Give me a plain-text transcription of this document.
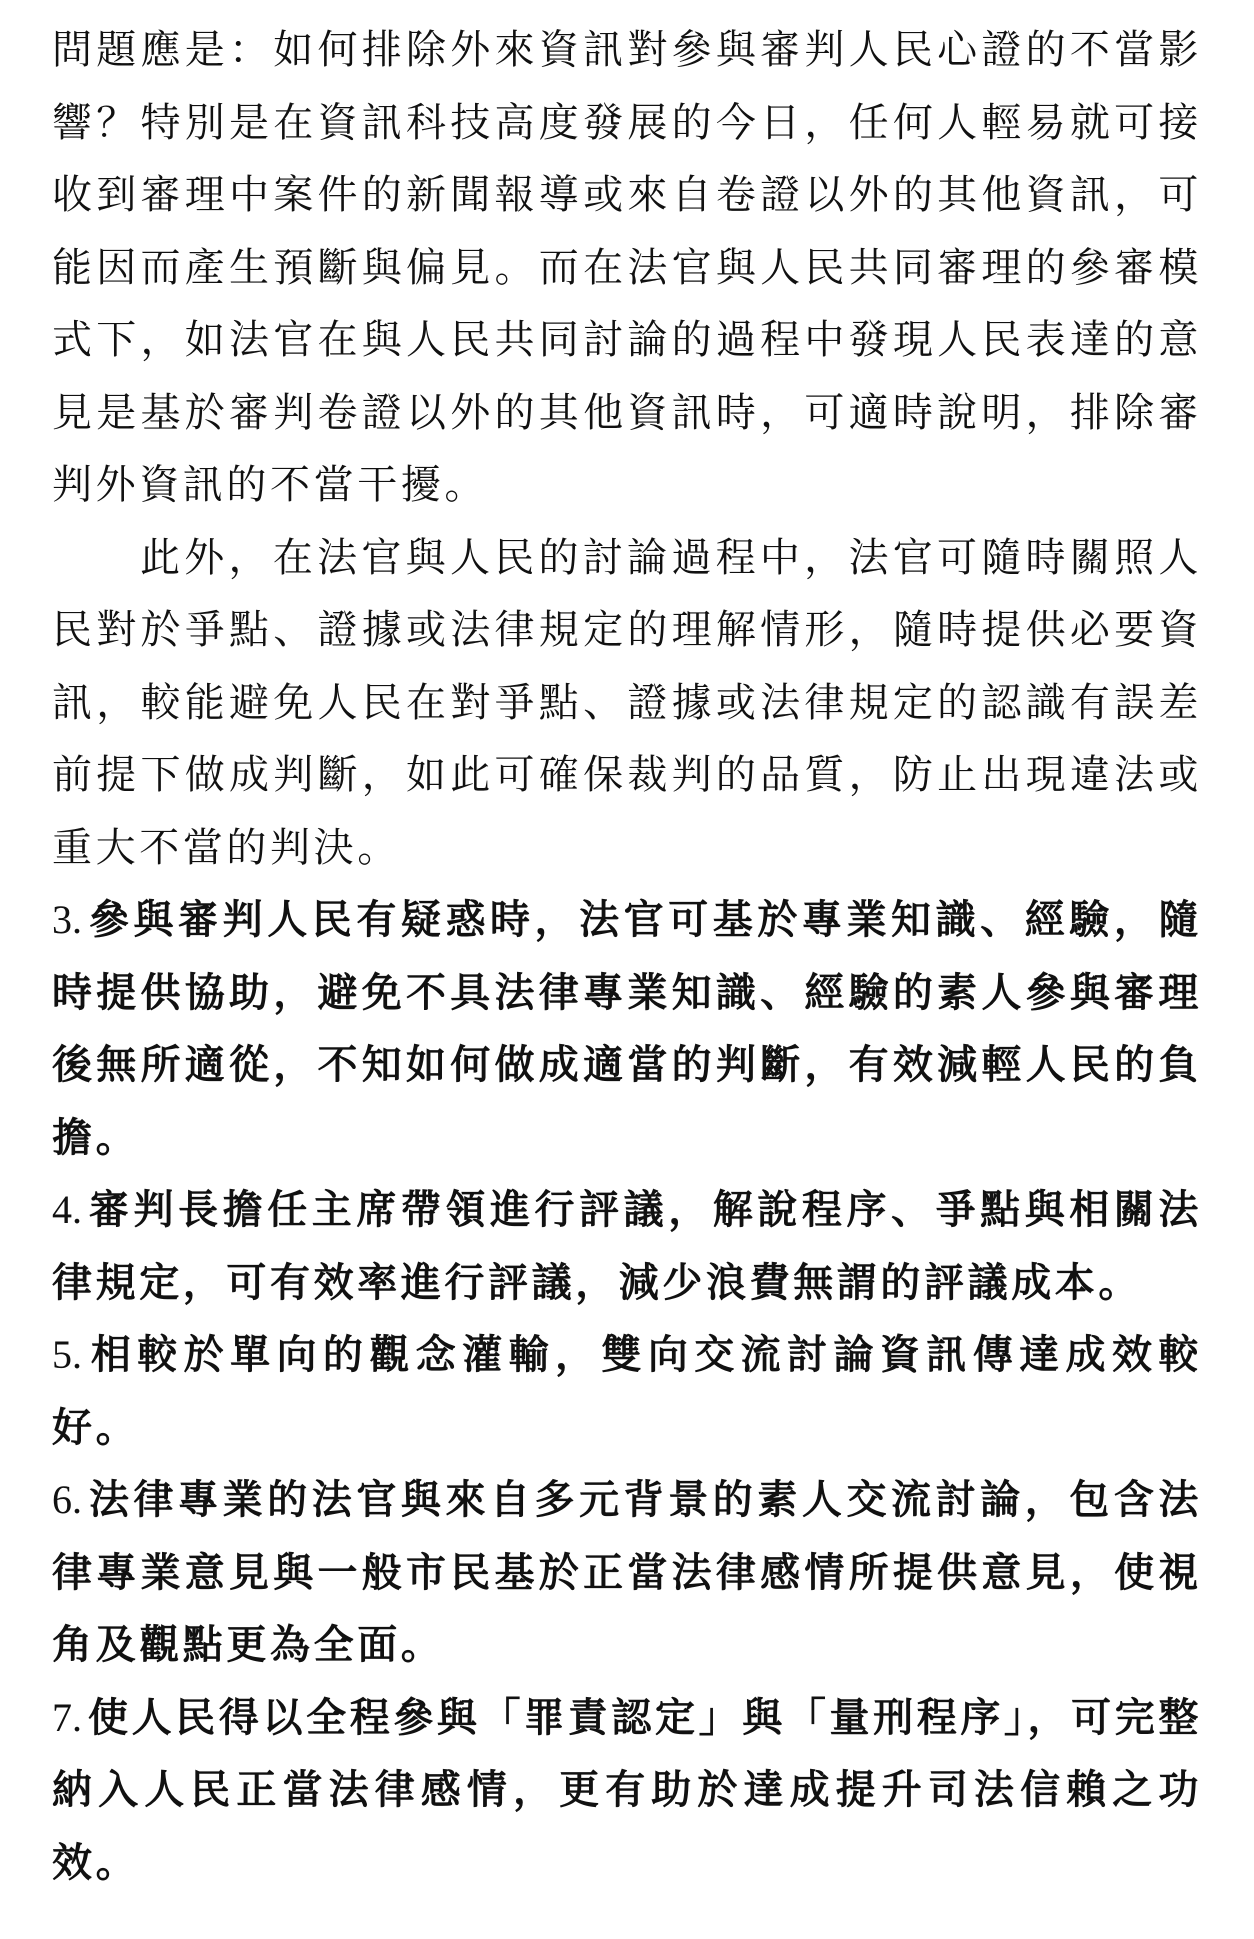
問題應是：如何排除外來資訊對參與審判人民心證的不當影響？特別是在資訊科技高度發展的今日，任何人輕易就可接收到審理中案件的新聞報導或來自卷證以外的其他資訊，可能因而產生預斷與偏見。而在法官與人民共同審理的參審模式下，如法官在與人民共同討論的過程中發現人民表達的意見是基於審判卷證以外的其他資訊時，可適時說明，排除審判外資訊的不當干擾。

此外，在法官與人民的討論過程中，法官可隨時關照人民對於爭點、證據或法律規定的理解情形，隨時提供必要資訊，較能避免人民在對爭點、證據或法律規定的認識有誤差前提下做成判斷，如此可確保裁判的品質，防止出現違法或重大不當的判決。

3. 參與審判人民有疑惑時，法官可基於專業知識、經驗，隨時提供協助，避免不具法律專業知識、經驗的素人參與審理後無所適從，不知如何做成適當的判斷，有效減輕人民的負擔。

4. 審判長擔任主席帶領進行評議，解說程序、爭點與相關法律規定，可有效率進行評議，減少浪費無謂的評議成本。

5. 相較於單向的觀念灌輸，雙向交流討論資訊傳達成效較好。

6. 法律專業的法官與來自多元背景的素人交流討論，包含法律專業意見與一般市民基於正當法律感情所提供意見，使視角及觀點更為全面。

7. 使人民得以全程參與「罪責認定」與「量刑程序」，可完整納入人民正當法律感情，更有助於達成提升司法信賴之功效。
